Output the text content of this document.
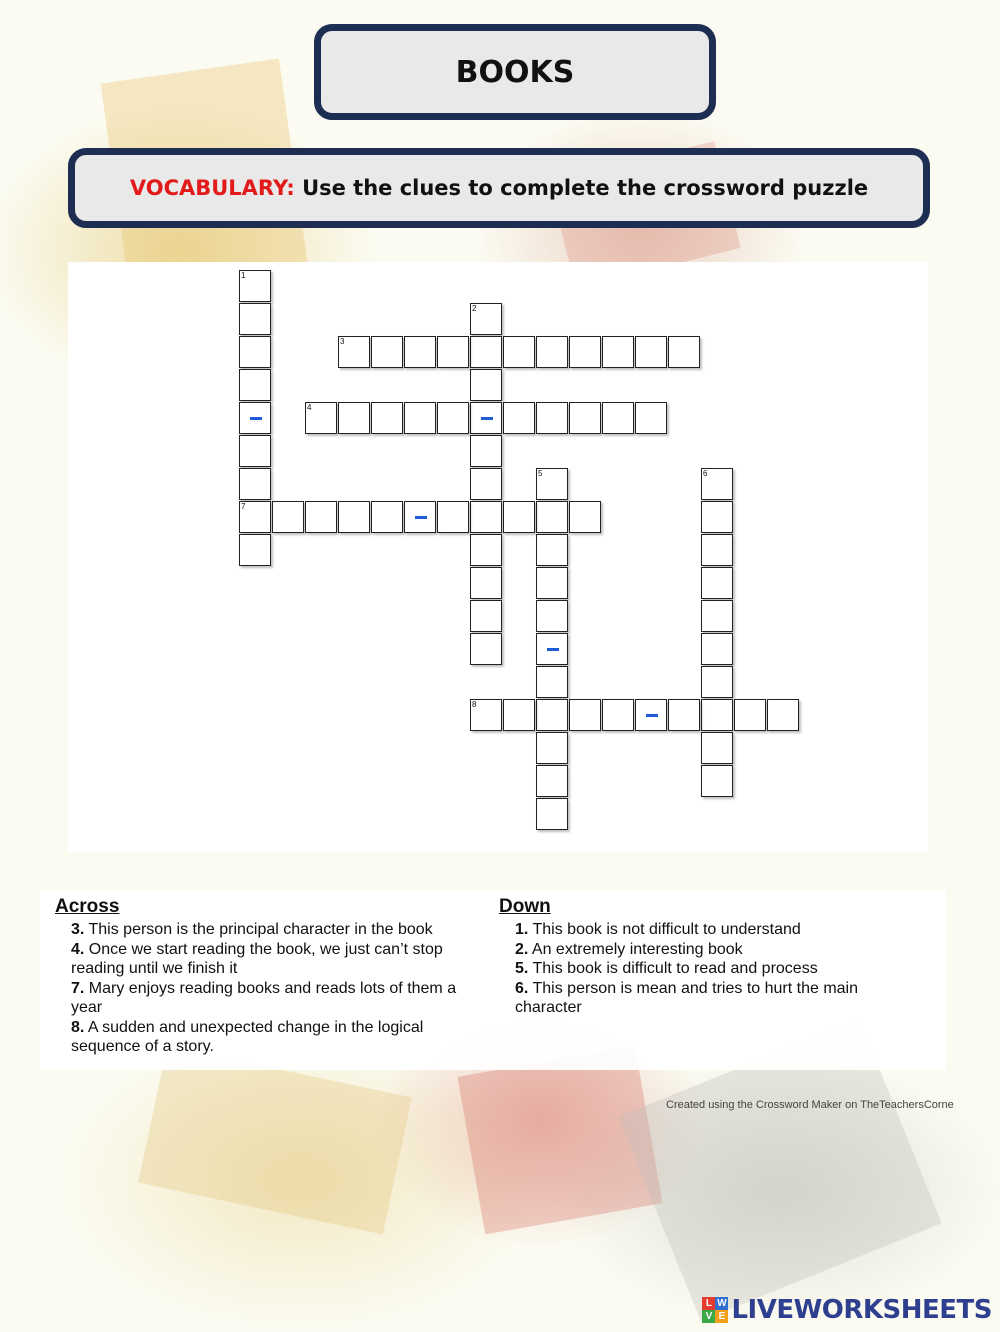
BOOKS
VOCABULARY: Use the clues to complete the crossword puzzle
Created using the Crossword Maker on TheTeachersCorne
1
7
2
3
4
5	6
8
Across
3. This person is the principal character in the book
4. Once we start reading the book, we just can’t stop reading until we finish it
7. Mary enjoys reading books and reads lots of them a year
8. A sudden and unexpected change in the logical sequence of a story.
Down
1. This book is not difficult to understand
2. An extremely interesting book
5. This book is difficult to read and process
6. This person is mean and tries to hurt the main character
L W
V E LIVEWORKSHEETS
